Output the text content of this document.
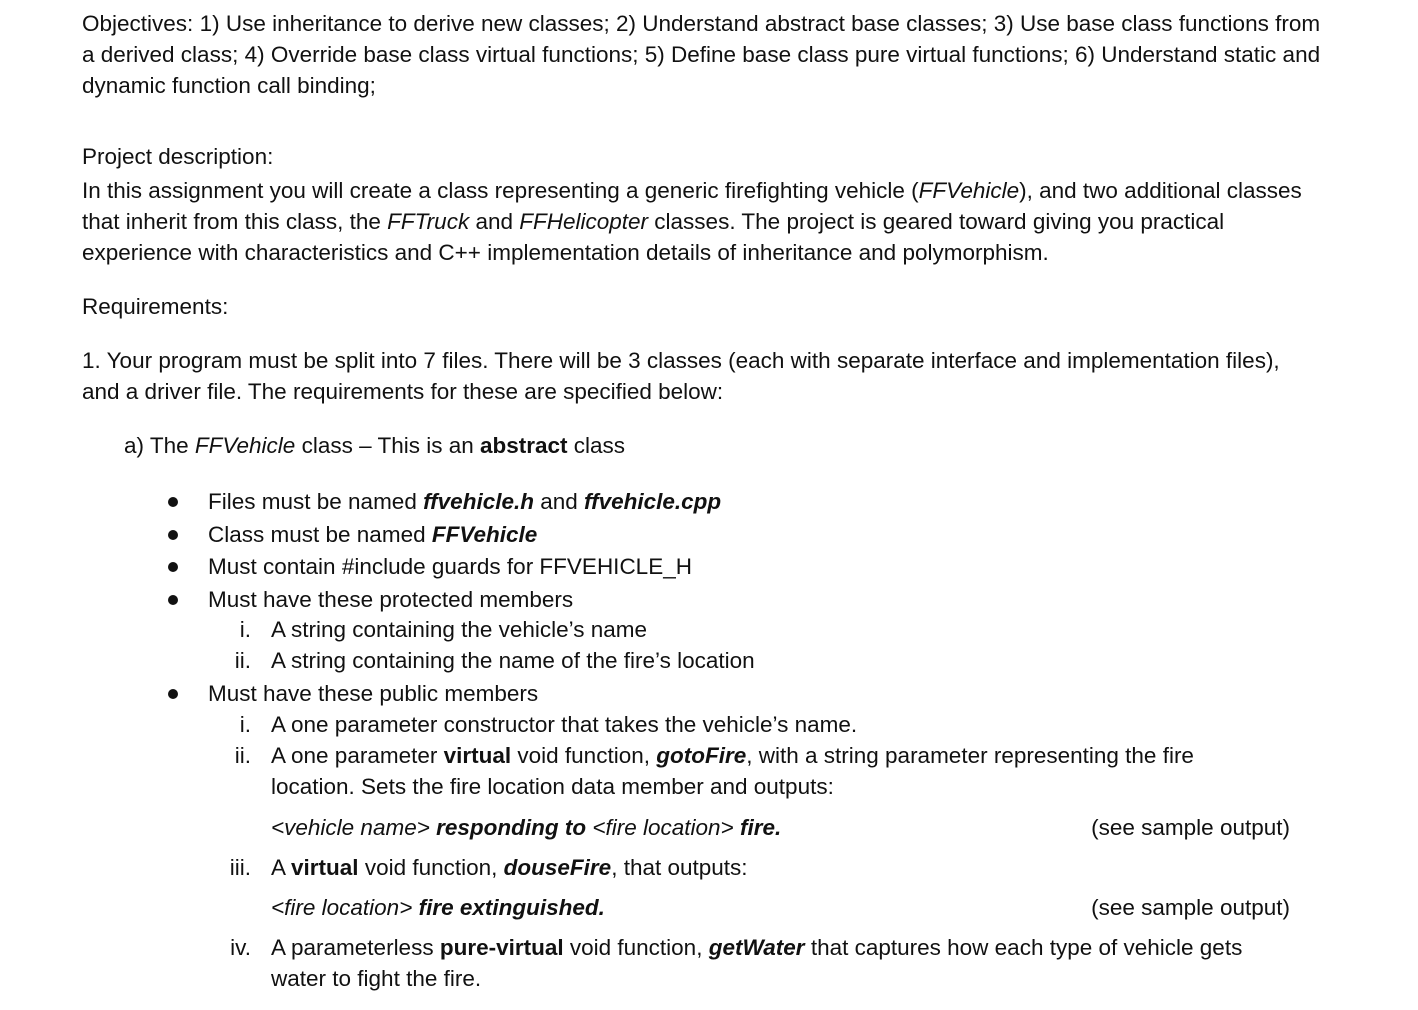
Objectives: 1) Use inheritance to derive new classes; 2) Understand abstract base classes; 3) Use base class functions from a derived class; 4) Override base class virtual functions; 5) Define base class pure virtual functions; 6) Understand static and dynamic function call binding;

Project description:

In this assignment you will create a class representing a generic firefighting vehicle (FFVehicle), and two additional classes that inherit from this class, the FFTruck and FFHelicopter classes. The project is geared toward giving you practical experience with characteristics and C++ implementation details of inheritance and polymorphism.

Requirements:

1. Your program must be split into 7 files. There will be 3 classes (each with separate interface and implementation files), and a driver file. The requirements for these are specified below:

a) The FFVehicle class – This is an abstract class
Files must be named ffvehicle.h and ffvehicle.cpp
Class must be named FFVehicle
Must contain #include guards for FFVEHICLE_H
Must have these protected members
i. A string containing the vehicle’s name
ii. A string containing the name of the fire’s location
Must have these public members
i. A one parameter constructor that takes the vehicle’s name.
ii. A one parameter virtual void function, gotoFire, with a string parameter representing the fire location. Sets the fire location data member and outputs:
<vehicle name> responding to <fire location> fire.	(see sample output)
iii. A virtual void function, douseFire, that outputs:
<fire location> fire extinguished.	(see sample output)
iv. A parameterless pure-virtual void function, getWater that captures how each type of vehicle gets water to fight the fire.
